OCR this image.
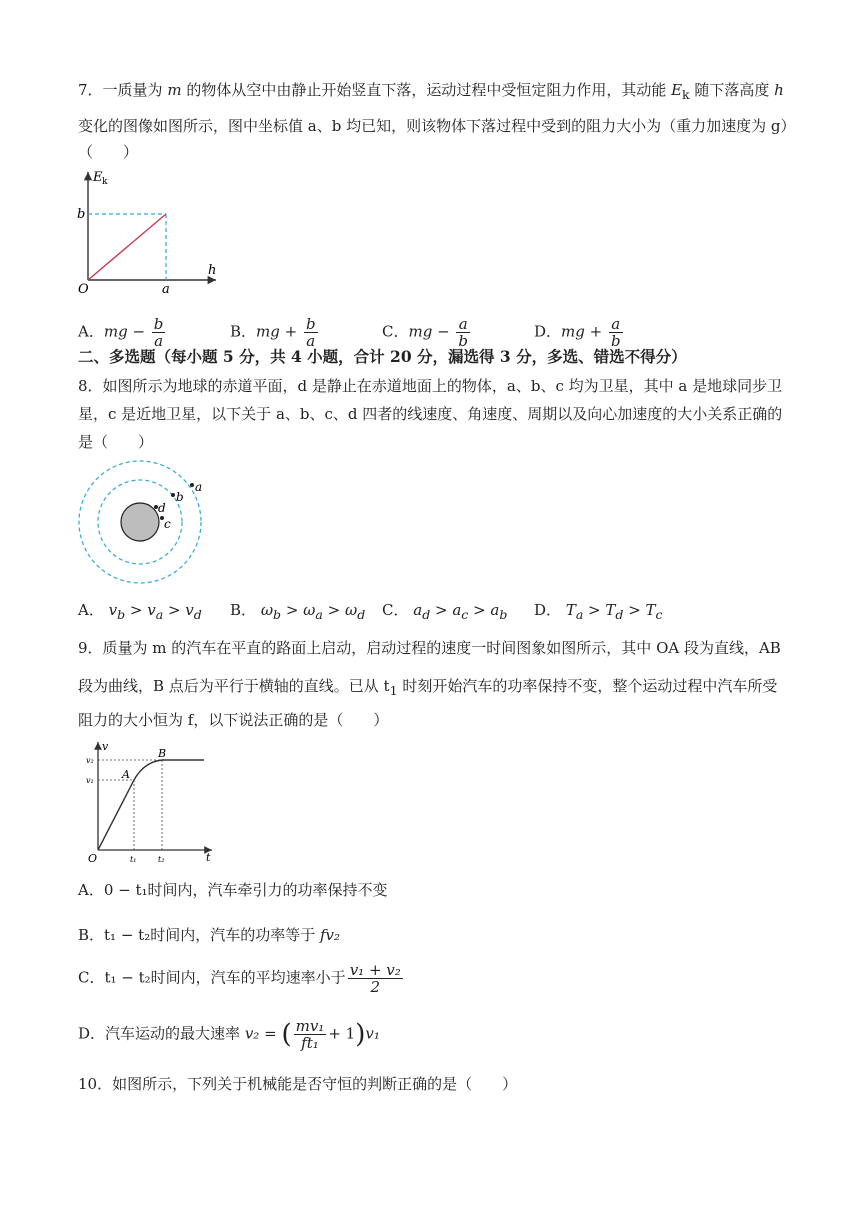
7．一质量为 m 的物体从空中由静止开始竖直下落，运动过程中受恒定阻力作用，其动能 $E_k$ 随下落高度 h
变化的图像如图所示，图中坐标值 a、b 均已知，则该物体下落过程中受到的阻力大小为（重力加速度为 g）
（　　）
E k
h
O
b
a
A．mg − $\frac{b}{a}$	B．mg + $\frac{b}{a}$	C．mg − $\frac{a}{b}$	D．mg + $\frac{a}{b}$
二、多选题（每小题 5 分，共 4 小题，合计 20 分，漏选得 3 分，多选、错选不得分）
8．如图所示为地球的赤道平面，d 是静止在赤道地面上的物体，a、b、c 均为卫星，其中 a 是地球同步卫
星，c 是近地卫星，以下关于 a、b、c、d 四者的线速度、角速度、周期以及向心加速度的大小关系正确的
是（　　）
a
b
d
c
A． $v_b > v_a > v_d$ B． $\omega_b > \omega_a > \omega_d$ C． $a_d > a_c > a_b$ D． $T_a > T_d > T_c$
9．质量为 m 的汽车在平直的路面上启动，启动过程的速度一时间图象如图所示，其中 OA 段为直线，AB
段为曲线，B 点后为平行于横轴的直线。已从 $t_1$ 时刻开始汽车的功率保持不变，整个运动过程中汽车所受
阻力的大小恒为 f，以下说法正确的是（　　）
v
t
O
A
B
v₂
v₁
t₁	t₂
A．0 − t₁时间内，汽车牵引力的功率保持不变
B．t₁ − t₂时间内，汽车的功率等于 fv₂
C．t₁ − t₂时间内，汽车的平均速率小于 $\frac{\text{v₁ + v₂}}{2}$
D．汽车运动的最大速率 v₂ = ( $\frac{\text{mv₁}}{\text{ft₁}} + 1)v_1$
10．如图所示，下列关于机械能是否守恒的判断正确的是（　　）
